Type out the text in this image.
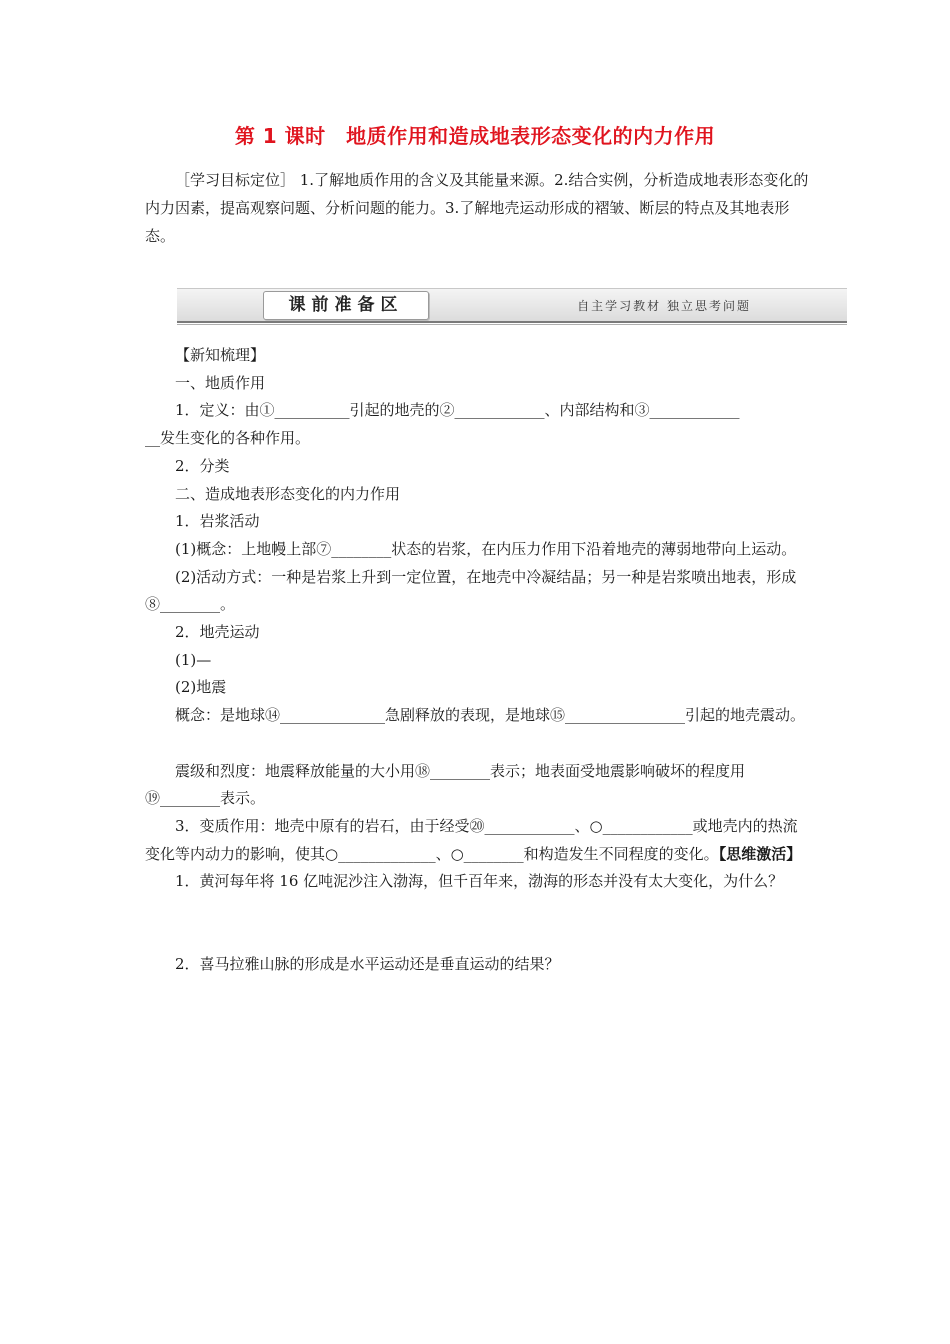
第 1 课时　地质作用和造成地表形态变化的内力作用
［学习目标定位］ 1.了解地质作用的含义及其能量来源。2.结合实例，分析造成地表形态变化的内力因素，提高观察问题、分析问题的能力。3.了解地壳运动形成的褶皱、断层的特点及其地表形态。
课前准备区	自主学习教材 独立思考问题

【新知梳理】

一、地质作用

1．定义：由①__________引起的地壳的②____________、内部结构和③____________

__发生变化的各种作用。

2．分类

二、造成地表形态变化的内力作用

1．岩浆活动

(1)概念：上地幔上部⑦________状态的岩浆，在内压力作用下沿着地壳的薄弱地带向上运动。

(2)活动方式：一种是岩浆上升到一定位置，在地壳中冷凝结晶；另一种是岩浆喷出地表，形成⑧________。

2．地壳运动

(1)—

(2)地震

概念：是地球⑭______________急剧释放的表现，是地球⑮________________引起的地壳震动。

震级和烈度：地震释放能量的大小用⑱________表示；地表面受地震影响破坏的程度用⑲________表示。

3．变质作用：地壳中原有的岩石，由于经受⑳____________、○____________或地壳内的热流变化等内动力的影响，使其○_____________、○________和构造发生不同程度的变化。【思维激活】

1．黄河每年将 16 亿吨泥沙注入渤海，但千百年来，渤海的形态并没有太大变化，为什么？

2．喜马拉雅山脉的形成是水平运动还是垂直运动的结果？
